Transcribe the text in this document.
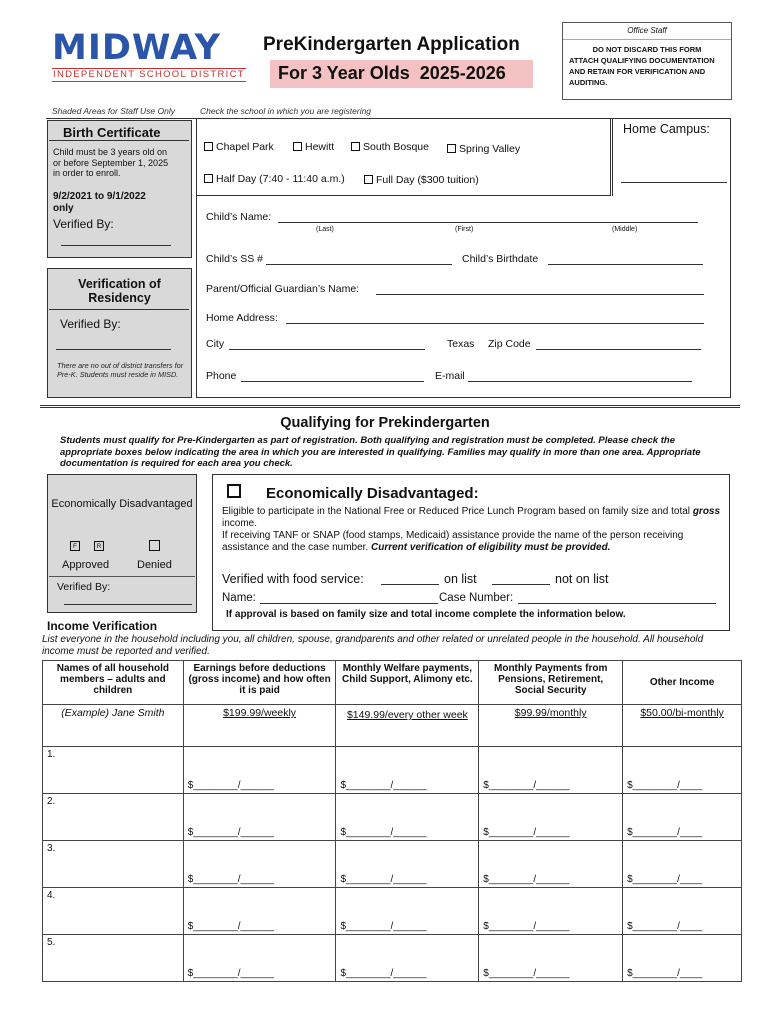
MIDWAY
INDEPENDENT SCHOOL DISTRICT
PreKindergarten Application
For 3 Year Olds 2025-2026
Office Staff
DO NOT DISCARD THIS FORM
ATTACH QUALIFYING DOCUMENTATION AND RETAIN FOR VERIFICATION AND AUDITING.
Shaded Areas for Staff Use Only	Check the school in which you are registering
Birth Certificate
Child must be 3 years old on or before September 1, 2025 in order to enroll.
9/2/2021 to 9/1/2022 only
Verified By:
Verification of Residency
Verified By:
There are no out of district transfers for Pre-K. Students must reside in MISD.
Home Campus:
Chapel Park	Hewitt	South Bosque	Spring Valley
Half Day (7:40 - 11:40 a.m.)	Full Day ($300 tuition)
Child’s Name:
(Last)	(First)	(Middle)
Child’s SS #	Child’s Birthdate
Parent/Official Guardian’s Name:
Home Address:
City	Texas Zip Code
Phone	E-mail
Qualifying for Prekindergarten
Students must qualify for Pre-Kindergarten as part of registration. Both qualifying and registration must be completed. Please check the appropriate boxes below indicating the area in which you are interested in qualifying. Families may qualify in more than one area. Appropriate documentation is required for each area you check.
Economically Disadvantaged
F	R
Approved	Denied
Verified By:
Economically Disadvantaged:
Eligible to participate in the National Free or Reduced Price Lunch Program based on family size and total gross income.
If receiving TANF or SNAP (food stamps, Medicaid) assistance provide the name of the person receiving assistance and the case number. Current verification of eligibility must be provided.
Verified with food service:	on list	not on list
Name:	Case Number:
If approval is based on family size and total income complete the information below.
Income Verification
List everyone in the household including you, all children, spouse, grandparents and other related or unrelated people in the household. All household income must be reported and verified.
Names of all household members – adults and children	Earnings before deductions (gross income) and how often it is paid	Monthly Welfare payments, Child Support, Alimony etc.	Monthly Payments from Pensions, Retirement, Social Security	Other Income
(Example) Jane Smith	$199.99/weekly	$149.99/every other week	$99.99/monthly	$50.00/bi-monthly
1.	$________/______	$________/______	$________/______	$________/____
2.	$________/______	$________/______	$________/______	$________/____
3.	$________/______	$________/______	$________/______	$________/____
4.	$________/______	$________/______	$________/______	$________/____
5.	$________/______	$________/______	$________/______	$________/____
